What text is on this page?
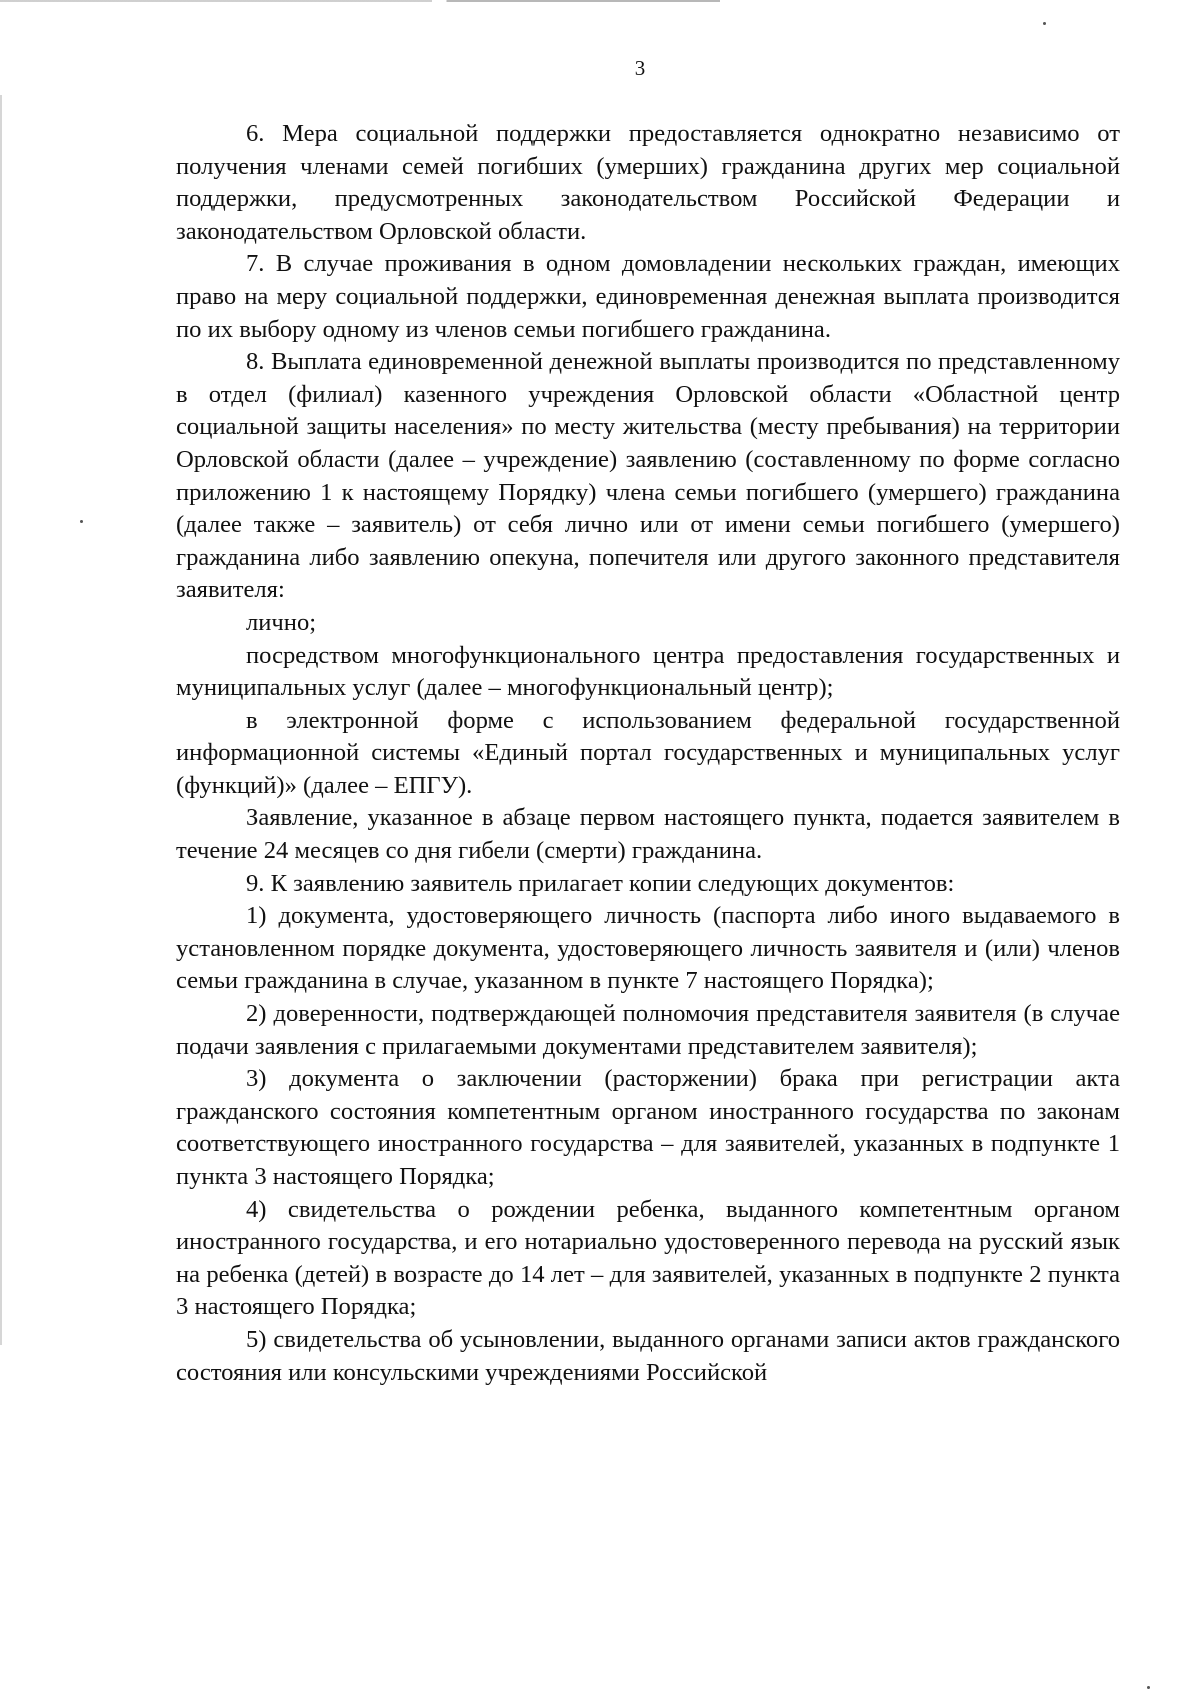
3

6. Мера социальной поддержки предоставляется однократно независимо от получения членами семей погибших (умерших) гражданина других мер социальной поддержки, предусмотренных законодательством Российской Федерации и законодательством Орловской области.

7. В случае проживания в одном домовладении нескольких граждан, имеющих право на меру социальной поддержки, единовременная денежная выплата производится по их выбору одному из членов семьи погибшего гражданина.

8. Выплата единовременной денежной выплаты производится по представленному в отдел (филиал) казенного учреждения Орловской области «Областной центр социальной защиты населения» по месту жительства (месту пребывания) на территории Орловской области (далее – учреждение) заявлению (составленному по форме согласно приложению 1 к настоящему Порядку) члена семьи погибшего (умершего) гражданина (далее также – заявитель) от себя лично или от имени семьи погибшего (умершего) гражданина либо заявлению опекуна, попечителя или другого законного представителя заявителя:

лично;

посредством многофункционального центра предоставления государственных и муниципальных услуг (далее – многофункциональный центр);

в электронной форме с использованием федеральной государственной информационной системы «Единый портал государственных и муниципальных услуг (функций)» (далее – ЕПГУ).

Заявление, указанное в абзаце первом настоящего пункта, подается заявителем в течение 24 месяцев со дня гибели (смерти) гражданина.

9. К заявлению заявитель прилагает копии следующих документов:

1) документа, удостоверяющего личность (паспорта либо иного выдаваемого в установленном порядке документа, удостоверяющего личность заявителя и (или) членов семьи гражданина в случае, указанном в пункте 7 настоящего Порядка);

2) доверенности, подтверждающей полномочия представителя заявителя (в случае подачи заявления с прилагаемыми документами представителем заявителя);

3) документа о заключении (расторжении) брака при регистрации акта гражданского состояния компетентным органом иностранного государства по законам соответствующего иностранного государства – для заявителей, указанных в подпункте 1 пункта 3 настоящего Порядка;

4) свидетельства о рождении ребенка, выданного компетентным органом иностранного государства, и его нотариально удостоверенного перевода на русский язык на ребенка (детей) в возрасте до 14 лет – для заявителей, указанных в подпункте 2 пункта 3 настоящего Порядка;

5) свидетельства об усыновлении, выданного органами записи актов гражданского состояния или консульскими учреждениями Российской
